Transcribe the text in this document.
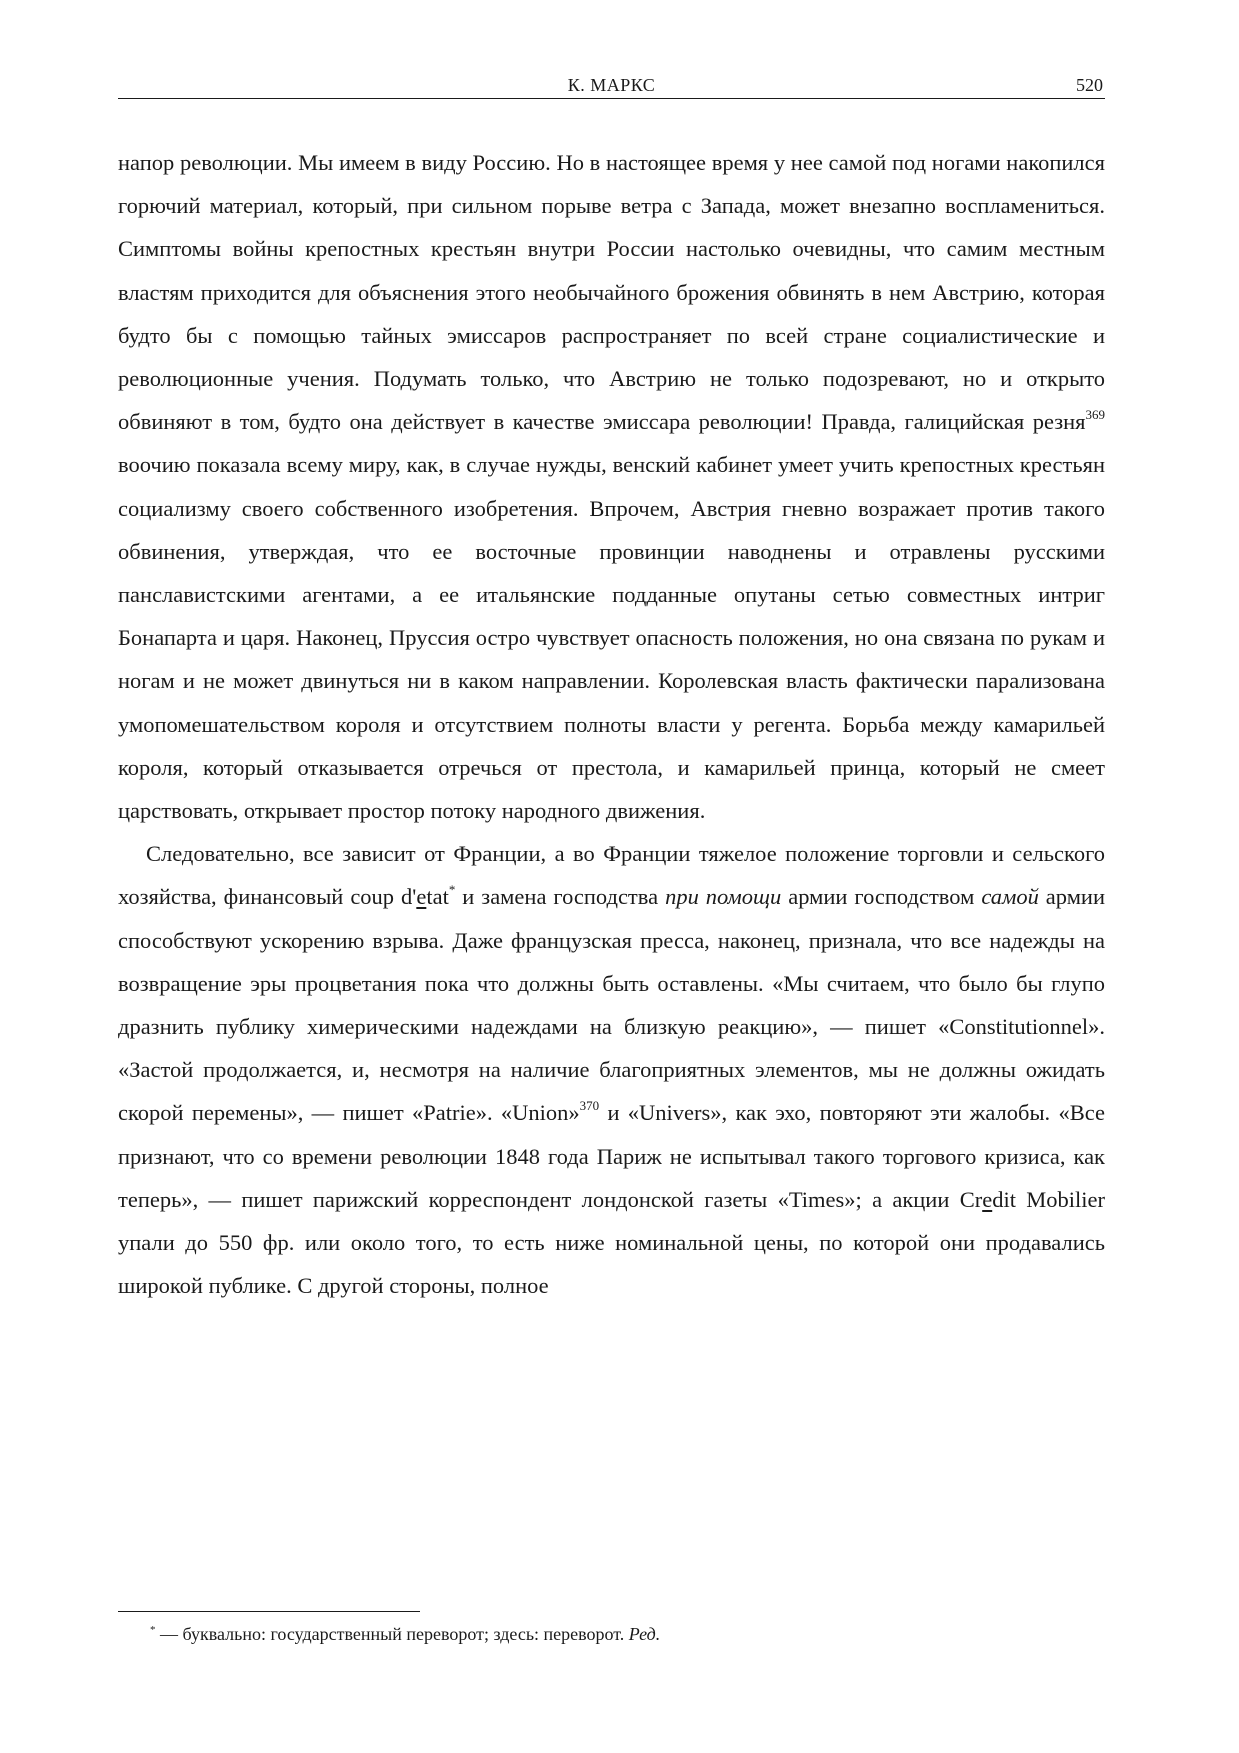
К. МАРКС	520

напор революции. Мы имеем в виду Россию. Но в настоящее время у нее самой под ногами накопился горючий материал, который, при сильном порыве ветра с Запада, может внезапно воспламениться. Симптомы войны крепостных крестьян внутри России настолько очевидны, что самим местным властям приходится для объяснения этого необычайного брожения обвинять в нем Австрию, которая будто бы с помощью тайных эмиссаров распространяет по всей стране социалистические и революционные учения. Подумать только, что Австрию не только подозревают, но и открыто обвиняют в том, будто она действует в качестве эмиссара революции! Правда, галицийская резня$^{369}$ воочию показала всему миру, как, в случае нужды, венский кабинет умеет учить крепостных крестьян социализму своего собственного изобретения. Впрочем, Австрия гневно возражает против такого обвинения, утверждая, что ее восточные провинции наводнены и отравлены русскими панславистскими агентами, а ее итальянские подданные опутаны сетью совместных интриг Бонапарта и царя. Наконец, Пруссия остро чувствует опасность положения, но она связана по рукам и ногам и не может двинуться ни в каком направлении. Королевская власть фактически парализована умопомешательством короля и отсутствием полноты власти у регента. Борьба между камарильей короля, который отказывается отречься от престола, и камарильей принца, который не смеет царствовать, открывает простор потоку народного движения.

Следовательно, все зависит от Франции, а во Франции тяжелое положение торговли и сельского хозяйства, финансовый coup d'etat* и замена господства при помощи армии господством самой армии способствуют ускорению взрыва. Даже французская пресса, наконец, признала, что все надежды на возвращение эры процветания пока что должны быть оставлены. «Мы считаем, что было бы глупо дразнить публику химерическими надеждами на близкую реакцию», — пишет «Constitutionnel». «Застой продолжается, и, несмотря на наличие благоприятных элементов, мы не должны ожидать скорой перемены», — пишет «Patrie». «Union»$^{370}$ и «Univers», как эхо, повторяют эти жалобы. «Все признают, что со времени революции 1848 года Париж не испытывал такого торгового кризиса, как теперь», — пишет парижский корреспондент лондонской газеты «Times»; а акции Credit Mobilier упали до 550 фр. или около того, то есть ниже номинальной цены, по которой они продавались широкой публике. С другой стороны, полное

* — буквально: государственный переворот; здесь: переворот. Ред.
